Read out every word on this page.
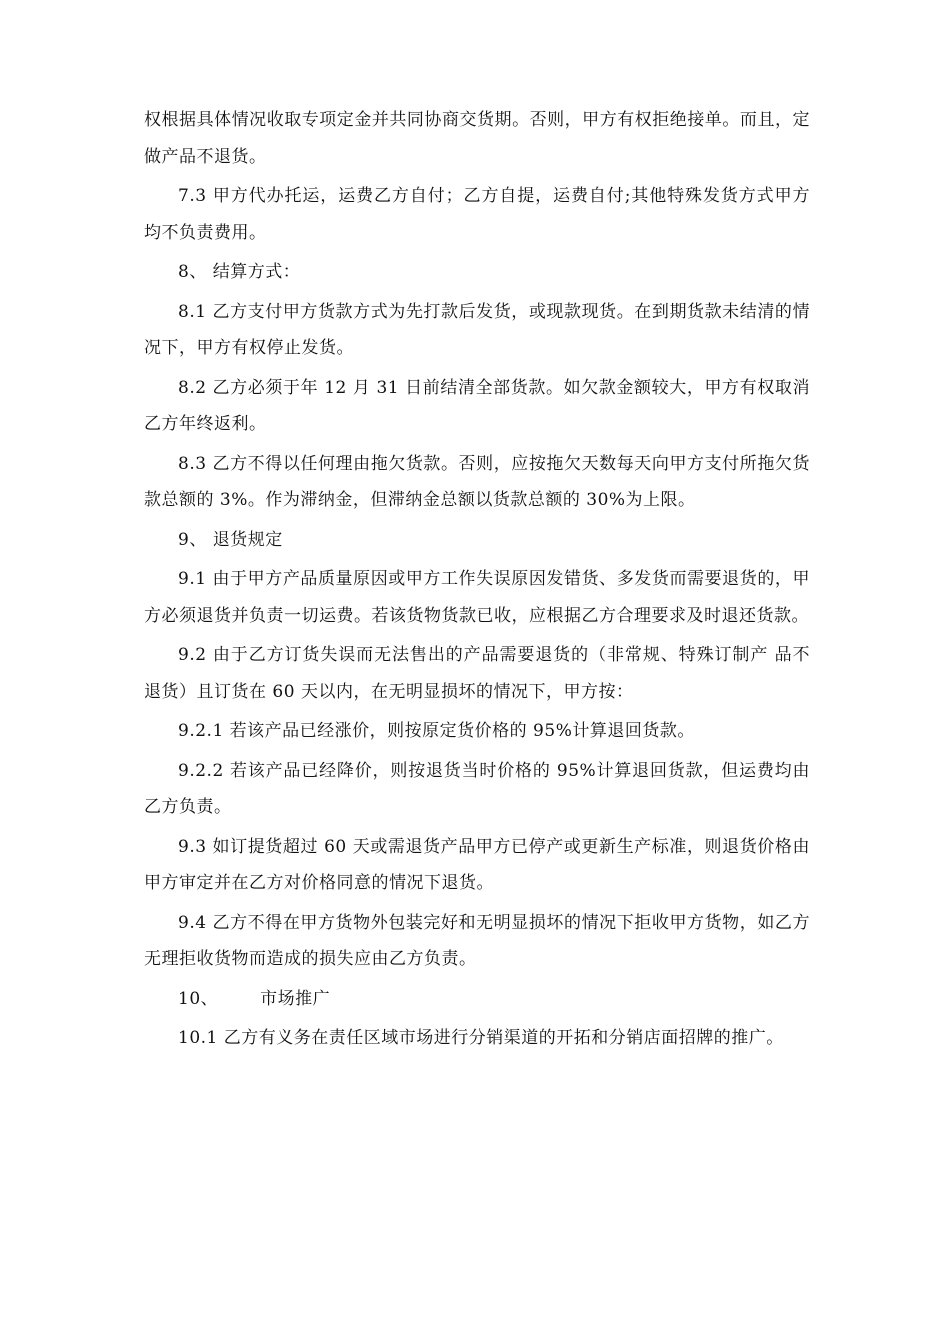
权根据具体情况收取专项定金并共同协商交货期。否则，甲方有权拒绝接单。而且，定做产品不退货。

7.3 甲方代办托运，运费乙方自付；乙方自提，运费自付;其他特殊发货方式甲方均不负责费用。

8、 结算方式：

8.1 乙方支付甲方货款方式为先打款后发货，或现款现货。在到期货款未结清的情况下，甲方有权停止发货。

8.2 乙方必须于年 12 月 31 日前结清全部货款。如欠款金额较大，甲方有权取消乙方年终返利。

8.3 乙方不得以任何理由拖欠货款。否则，应按拖欠天数每天向甲方支付所拖欠货款总额的 3%。作为滞纳金，但滞纳金总额以货款总额的 30%为上限。

9、 退货规定

9.1 由于甲方产品质量原因或甲方工作失误原因发错货、多发货而需要退货的，甲方必须退货并负责一切运费。若该货物货款已收，应根据乙方合理要求及时退还货款。

9.2 由于乙方订货失误而无法售出的产品需要退货的（非常规、特殊订制产 品不退货）且订货在 60 天以内，在无明显损坏的情况下，甲方按：

9.2.1 若该产品已经涨价，则按原定货价格的 95%计算退回货款。

9.2.2 若该产品已经降价，则按退货当时价格的 95%计算退回货款，但运费均由乙方负责。

9.3 如订提货超过 60 天或需退货产品甲方已停产或更新生产标准，则退货价格由甲方审定并在乙方对价格同意的情况下退货。

9.4 乙方不得在甲方货物外包装完好和无明显损坏的情况下拒收甲方货物，如乙方无理拒收货物而造成的损失应由乙方负责。

10、 市场推广

10.1 乙方有义务在责任区域市场进行分销渠道的开拓和分销店面招牌的推广。
